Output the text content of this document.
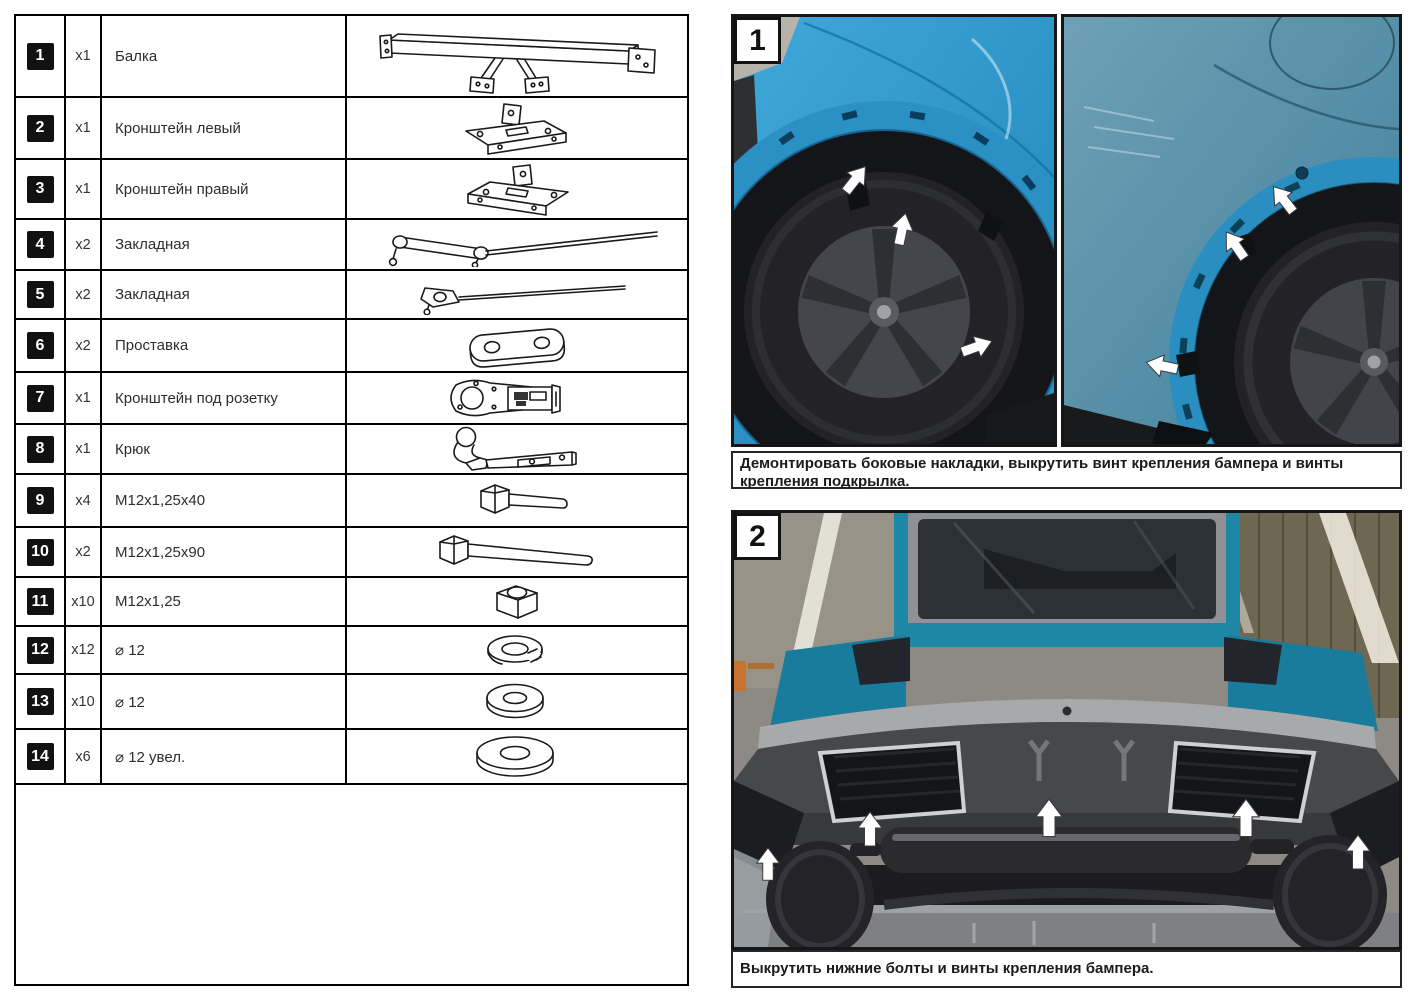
1	x1	Балка
2	x1	Кронштейн левый
3	x1	Кронштейн правый
4	x2	Закладная
5	x2	Закладная
6	x2	Проставка
7	x1	Кронштейн под розетку
8	x1	Крюк
9	x4	M12x1,25x40
10	x2	M12x1,25x90
11	x10	M12x1,25
12	x12	⌀ 12
13	x10	⌀ 12
14	x6	⌀ 12 увел.
1
Демонтировать боковые накладки, выкрутить винт крепления бампера и винты крепления подкрылка.
2
Выкрутить нижние болты и винты крепления бампера.
